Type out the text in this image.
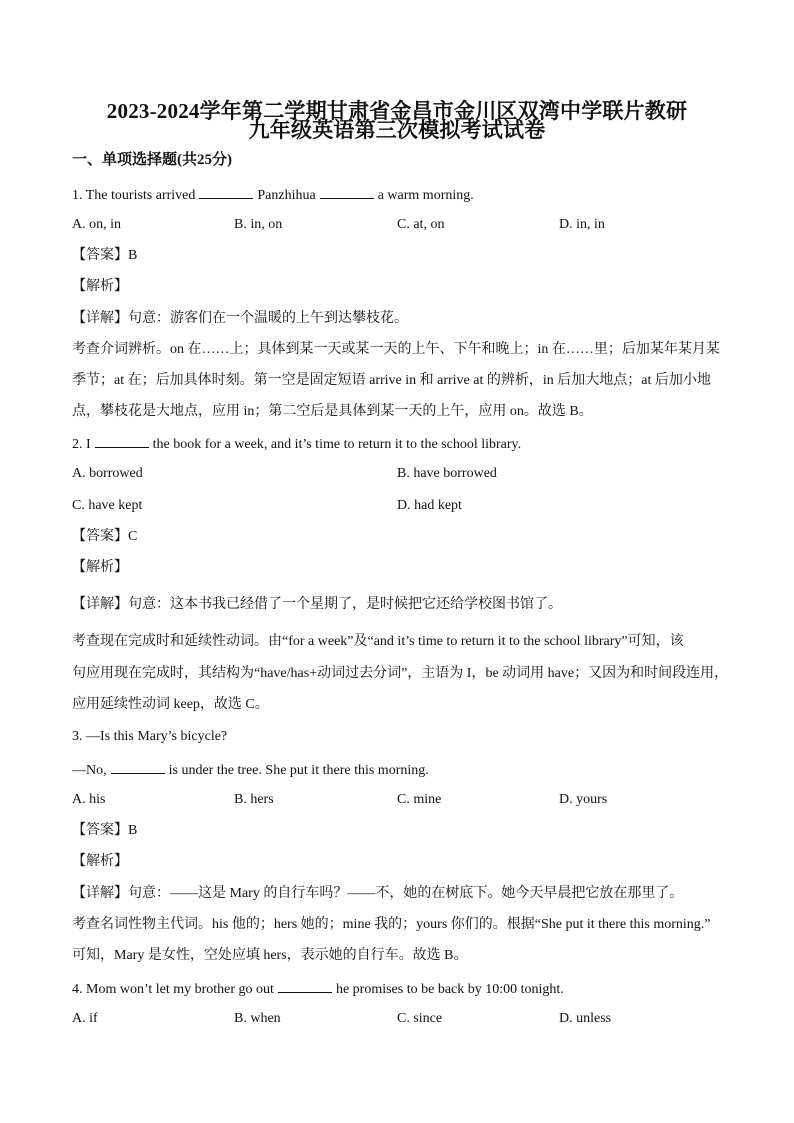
2023-2024学年第二学期甘肃省金昌市金川区双湾中学联片教研
九年级英语第三次模拟考试试卷
一、单项选择题(共25分)
1. The tourists arrived	Panzhihua	a warm morning.
A. on, in	B. in, on	C. at, on	D. in, in
【答案】B
【解析】
【详解】句意：游客们在一个温暖的上午到达攀枝花。
考查介词辨析。on 在……上；具体到某一天或某一天的上午、下午和晚上；in 在……里；后加某年某月某
季节；at 在；后加具体时刻。第一空是固定短语 arrive in 和 arrive at 的辨析，in 后加大地点；at 后加小地
点，攀枝花是大地点，应用 in；第二空后是具体到某一天的上午，应用 on。故选 B。
2. I	the book for a week, and it’s time to return it to the school library.
A. borrowed	B. have borrowed
C. have kept	D. had kept
【答案】C
【解析】
【详解】句意：这本书我已经借了一个星期了，是时候把它还给学校图书馆了。
考查现在完成时和延续性动词。由“for a week”及“and it’s time to return it to the school library”可知，该
句应用现在完成时，其结构为“have/has+动词过去分词”，主语为 I，be 动词用 have；又因为和时间段连用，
应用延续性动词 keep，故选 C。
3. —Is this Mary’s bicycle?
—No,	is under the tree. She put it there this morning.
A. his	B. hers	C. mine	D. yours
【答案】B
【解析】
【详解】句意：——这是 Mary 的自行车吗？——不，她的在树底下。她今天早晨把它放在那里了。
考查名词性物主代词。his 他的；hers 她的；mine 我的；yours 你们的。根据“She put it there this morning.”
可知，Mary 是女性，空处应填 hers，表示她的自行车。故选 B。
4. Mom won’t let my brother go out	he promises to be back by 10:00 tonight.
A. if	B. when	C. since	D. unless
